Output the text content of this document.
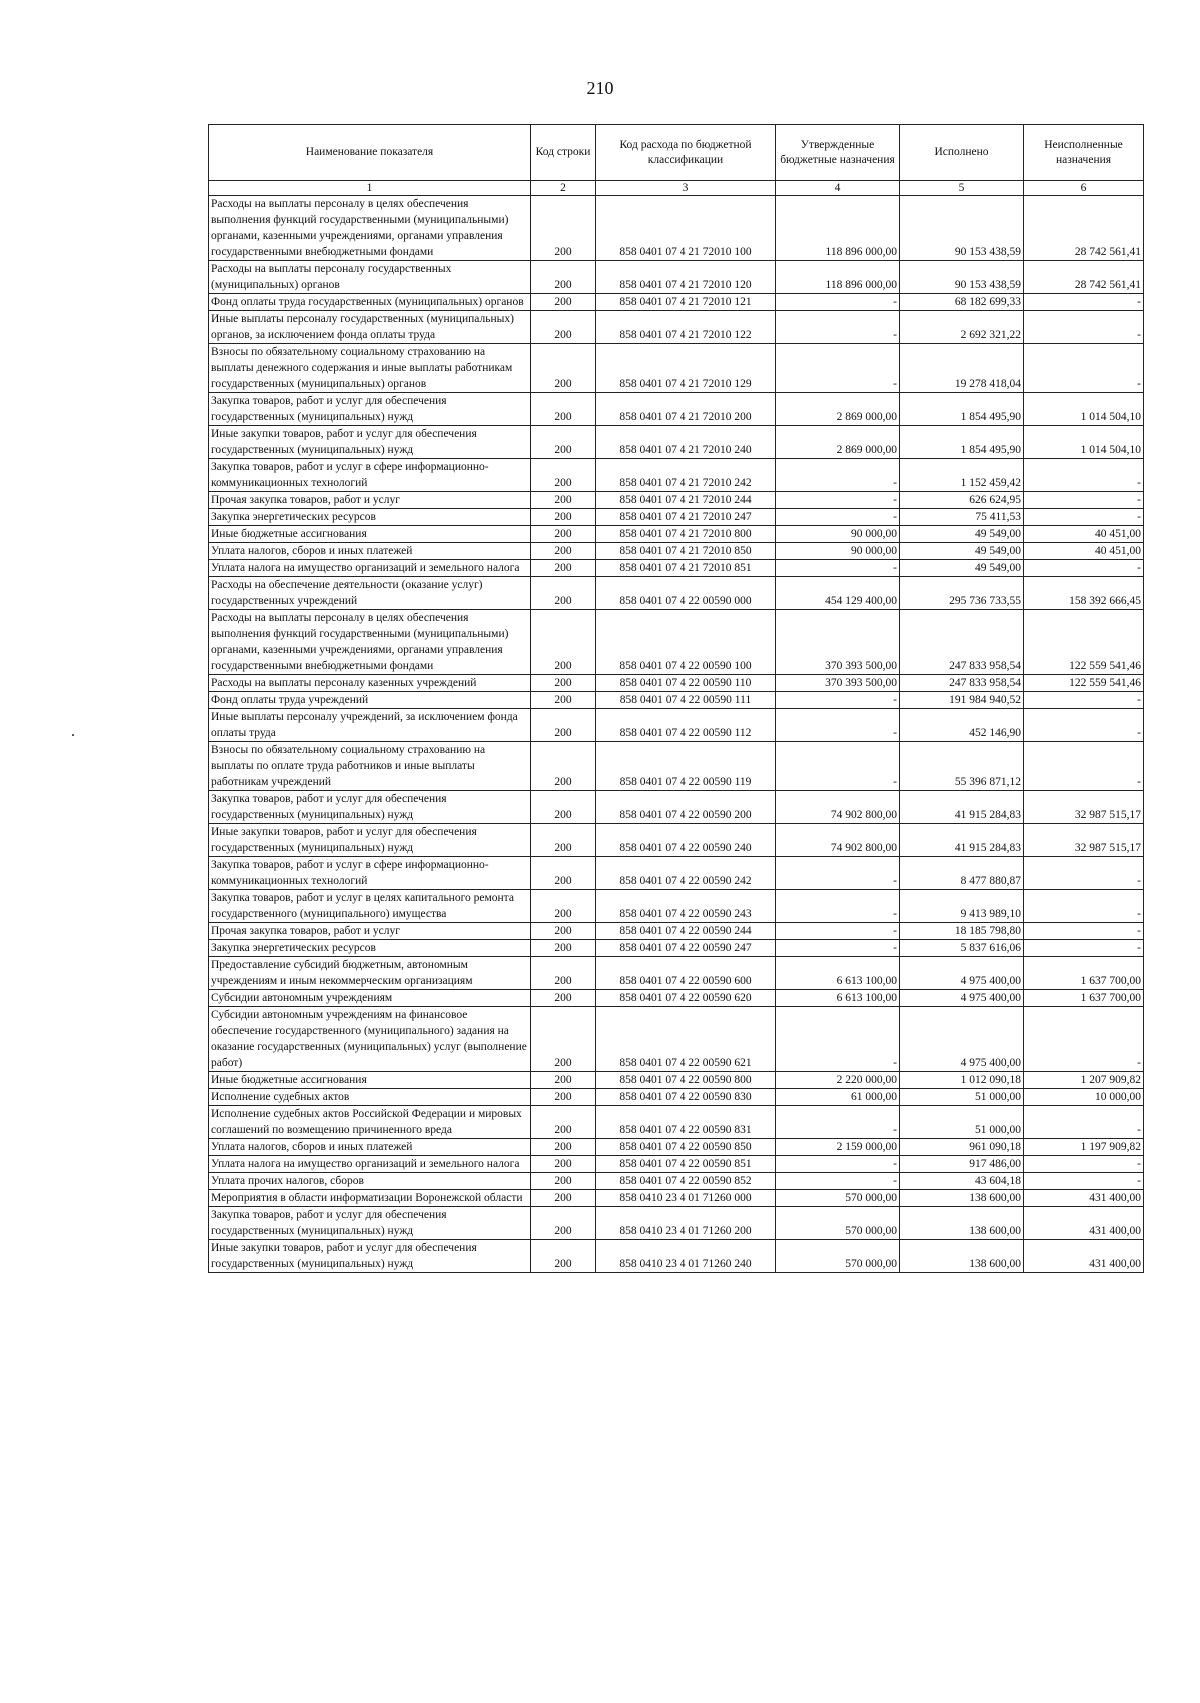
210
.
Наименование показателя	Код строки	Код расхода по бюджетной классификации	Утвержденные бюджетные назначения	Исполнено	Неисполненные назначения
1	2	3	4	5	6
Расходы на выплаты персоналу в целях обеспечения выполнения функций государственными (муниципальными) органами, казенными учреждениями, органами управления государственными внебюджетными фондами	200	858 0401 07 4 21 72010 100	118 896 000,00	90 153 438,59	28 742 561,41
Расходы на выплаты персоналу государственных (муниципальных) органов	200	858 0401 07 4 21 72010 120	118 896 000,00	90 153 438,59	28 742 561,41
Фонд оплаты труда государственных (муниципальных) органов	200	858 0401 07 4 21 72010 121	-	68 182 699,33	-
Иные выплаты персоналу государственных (муниципальных) органов, за исключением фонда оплаты труда	200	858 0401 07 4 21 72010 122	-	2 692 321,22	-
Взносы по обязательному социальному страхованию на выплаты денежного содержания и иные выплаты работникам государственных (муниципальных) органов	200	858 0401 07 4 21 72010 129	-	19 278 418,04	-
Закупка товаров, работ и услуг для обеспечения государственных (муниципальных) нужд	200	858 0401 07 4 21 72010 200	2 869 000,00	1 854 495,90	1 014 504,10
Иные закупки товаров, работ и услуг для обеспечения государственных (муниципальных) нужд	200	858 0401 07 4 21 72010 240	2 869 000,00	1 854 495,90	1 014 504,10
Закупка товаров, работ и услуг в сфере информационно-коммуникационных технологий	200	858 0401 07 4 21 72010 242	-	1 152 459,42	-
Прочая закупка товаров, работ и услуг	200	858 0401 07 4 21 72010 244	-	626 624,95	-
Закупка энергетических ресурсов	200	858 0401 07 4 21 72010 247	-	75 411,53	-
Иные бюджетные ассигнования	200	858 0401 07 4 21 72010 800	90 000,00	49 549,00	40 451,00
Уплата налогов, сборов и иных платежей	200	858 0401 07 4 21 72010 850	90 000,00	49 549,00	40 451,00
Уплата налога на имущество организаций и земельного налога	200	858 0401 07 4 21 72010 851	-	49 549,00	-
Расходы на обеспечение деятельности (оказание услуг) государственных учреждений	200	858 0401 07 4 22 00590 000	454 129 400,00	295 736 733,55	158 392 666,45
Расходы на выплаты персоналу в целях обеспечения выполнения функций государственными (муниципальными) органами, казенными учреждениями, органами управления государственными внебюджетными фондами	200	858 0401 07 4 22 00590 100	370 393 500,00	247 833 958,54	122 559 541,46
Расходы на выплаты персоналу казенных учреждений	200	858 0401 07 4 22 00590 110	370 393 500,00	247 833 958,54	122 559 541,46
Фонд оплаты труда учреждений	200	858 0401 07 4 22 00590 111	-	191 984 940,52	-
Иные выплаты персоналу учреждений, за исключением фонда оплаты труда	200	858 0401 07 4 22 00590 112	-	452 146,90	-
Взносы по обязательному социальному страхованию на выплаты по оплате труда работников и иные выплаты работникам учреждений	200	858 0401 07 4 22 00590 119	-	55 396 871,12	-
Закупка товаров, работ и услуг для обеспечения государственных (муниципальных) нужд	200	858 0401 07 4 22 00590 200	74 902 800,00	41 915 284,83	32 987 515,17
Иные закупки товаров, работ и услуг для обеспечения государственных (муниципальных) нужд	200	858 0401 07 4 22 00590 240	74 902 800,00	41 915 284,83	32 987 515,17
Закупка товаров, работ и услуг в сфере информационно-коммуникационных технологий	200	858 0401 07 4 22 00590 242	-	8 477 880,87	-
Закупка товаров, работ и услуг в целях капитального ремонта государственного (муниципального) имущества	200	858 0401 07 4 22 00590 243	-	9 413 989,10	-
Прочая закупка товаров, работ и услуг	200	858 0401 07 4 22 00590 244	-	18 185 798,80	-
Закупка энергетических ресурсов	200	858 0401 07 4 22 00590 247	-	5 837 616,06	-
Предоставление субсидий бюджетным, автономным учреждениям и иным некоммерческим организациям	200	858 0401 07 4 22 00590 600	6 613 100,00	4 975 400,00	1 637 700,00
Субсидии автономным учреждениям	200	858 0401 07 4 22 00590 620	6 613 100,00	4 975 400,00	1 637 700,00
Субсидии автономным учреждениям на финансовое обеспечение государственного (муниципального) задания на оказание государственных (муниципальных) услуг (выполнение работ)	200	858 0401 07 4 22 00590 621	-	4 975 400,00	-
Иные бюджетные ассигнования	200	858 0401 07 4 22 00590 800	2 220 000,00	1 012 090,18	1 207 909,82
Исполнение судебных актов	200	858 0401 07 4 22 00590 830	61 000,00	51 000,00	10 000,00
Исполнение судебных актов Российской Федерации и мировых соглашений по возмещению причиненного вреда	200	858 0401 07 4 22 00590 831	-	51 000,00	-
Уплата налогов, сборов и иных платежей	200	858 0401 07 4 22 00590 850	2 159 000,00	961 090,18	1 197 909,82
Уплата налога на имущество организаций и земельного налога	200	858 0401 07 4 22 00590 851	-	917 486,00	-
Уплата прочих налогов, сборов	200	858 0401 07 4 22 00590 852	-	43 604,18	-
Мероприятия в области информатизации Воронежской области	200	858 0410 23 4 01 71260 000	570 000,00	138 600,00	431 400,00
Закупка товаров, работ и услуг для обеспечения государственных (муниципальных) нужд	200	858 0410 23 4 01 71260 200	570 000,00	138 600,00	431 400,00
Иные закупки товаров, работ и услуг для обеспечения государственных (муниципальных) нужд	200	858 0410 23 4 01 71260 240	570 000,00	138 600,00	431 400,00
